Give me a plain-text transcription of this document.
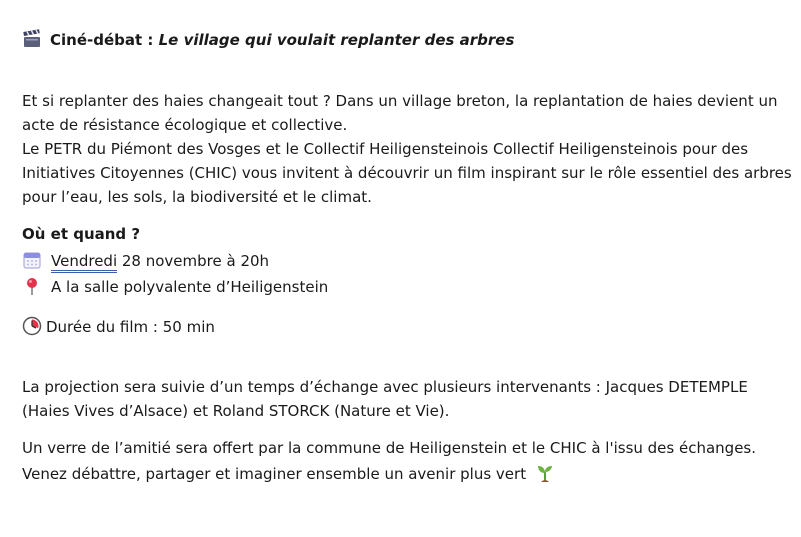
Ciné-débat : Le village qui voulait replanter des arbres
Et si replanter des haies changeait tout ? Dans un village breton, la replantation de haies devient un
acte de résistance écologique et collective.
Le PETR du Piémont des Vosges et le Collectif Heiligensteinois Collectif Heiligensteinois pour des
Initiatives Citoyennes (CHIC) vous invitent à découvrir un film inspirant sur le rôle essentiel des arbres
pour l’eau, les sols, la biodiversité et le climat.
Où et quand ?
Vendredi 28 novembre à 20h
A la salle polyvalente d’Heiligenstein
Durée du film : 50 min
La projection sera suivie d’un temps d’échange avec plusieurs intervenants : Jacques DETEMPLE
(Haies Vives d’Alsace) et Roland STORCK (Nature et Vie).
Un verre de l’amitié sera offert par la commune de Heiligenstein et le CHIC à l'issu des échanges.
Venez débattre, partager et imaginer ensemble un avenir plus vert
